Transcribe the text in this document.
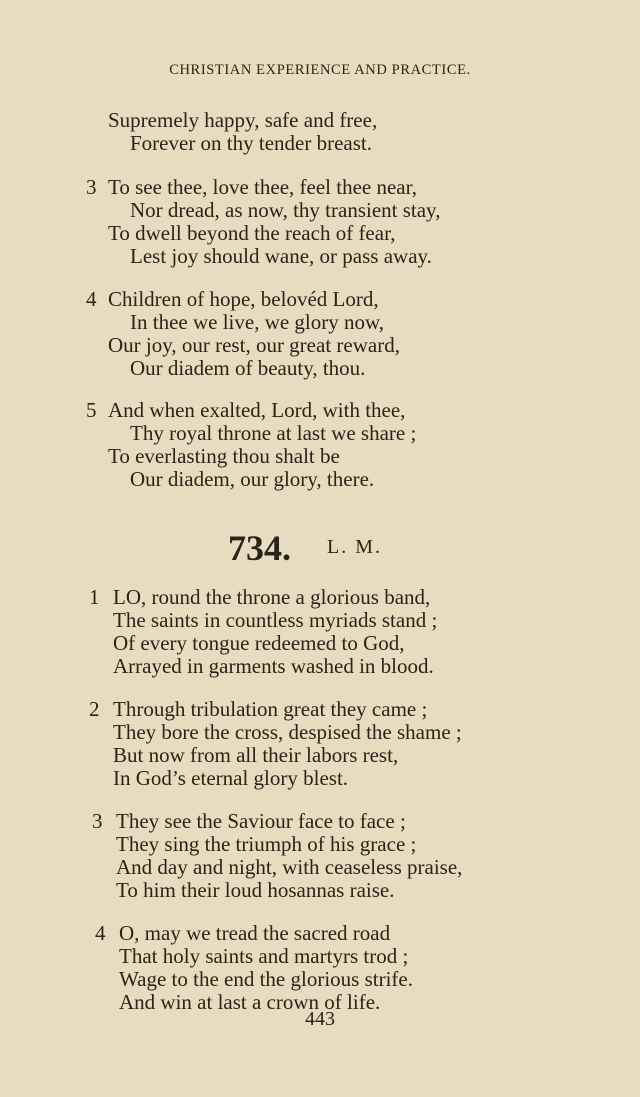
CHRISTIAN EXPERIENCE AND PRACTICE.
Supremely happy, safe and free,
Forever on thy tender breast.
3 To see thee, love thee, feel thee near,
Nor dread, as now, thy transient stay,
To dwell beyond the reach of fear,
Lest joy should wane, or pass away.
4 Children of hope, belovéd Lord,
In thee we live, we glory now,
Our joy, our rest, our great reward,
Our diadem of beauty, thou.
5 And when exalted, Lord, with thee,
Thy royal throne at last we share ;
To everlasting thou shalt be
Our diadem, our glory, there.
734. L. M.
1 LO, round the throne a glorious band,
The saints in countless myriads stand ;
Of every tongue redeemed to God,
Arrayed in garments washed in blood.
2 Through tribulation great they came ;
They bore the cross, despised the shame ;
But now from all their labors rest,
In God’s eternal glory blest.
3 They see the Saviour face to face ;
They sing the triumph of his grace ;
And day and night, with ceaseless praise,
To him their loud hosannas raise.
4 O, may we tread the sacred road
That holy saints and martyrs trod ;
Wage to the end the glorious strife.
And win at last a crown of life.
443
